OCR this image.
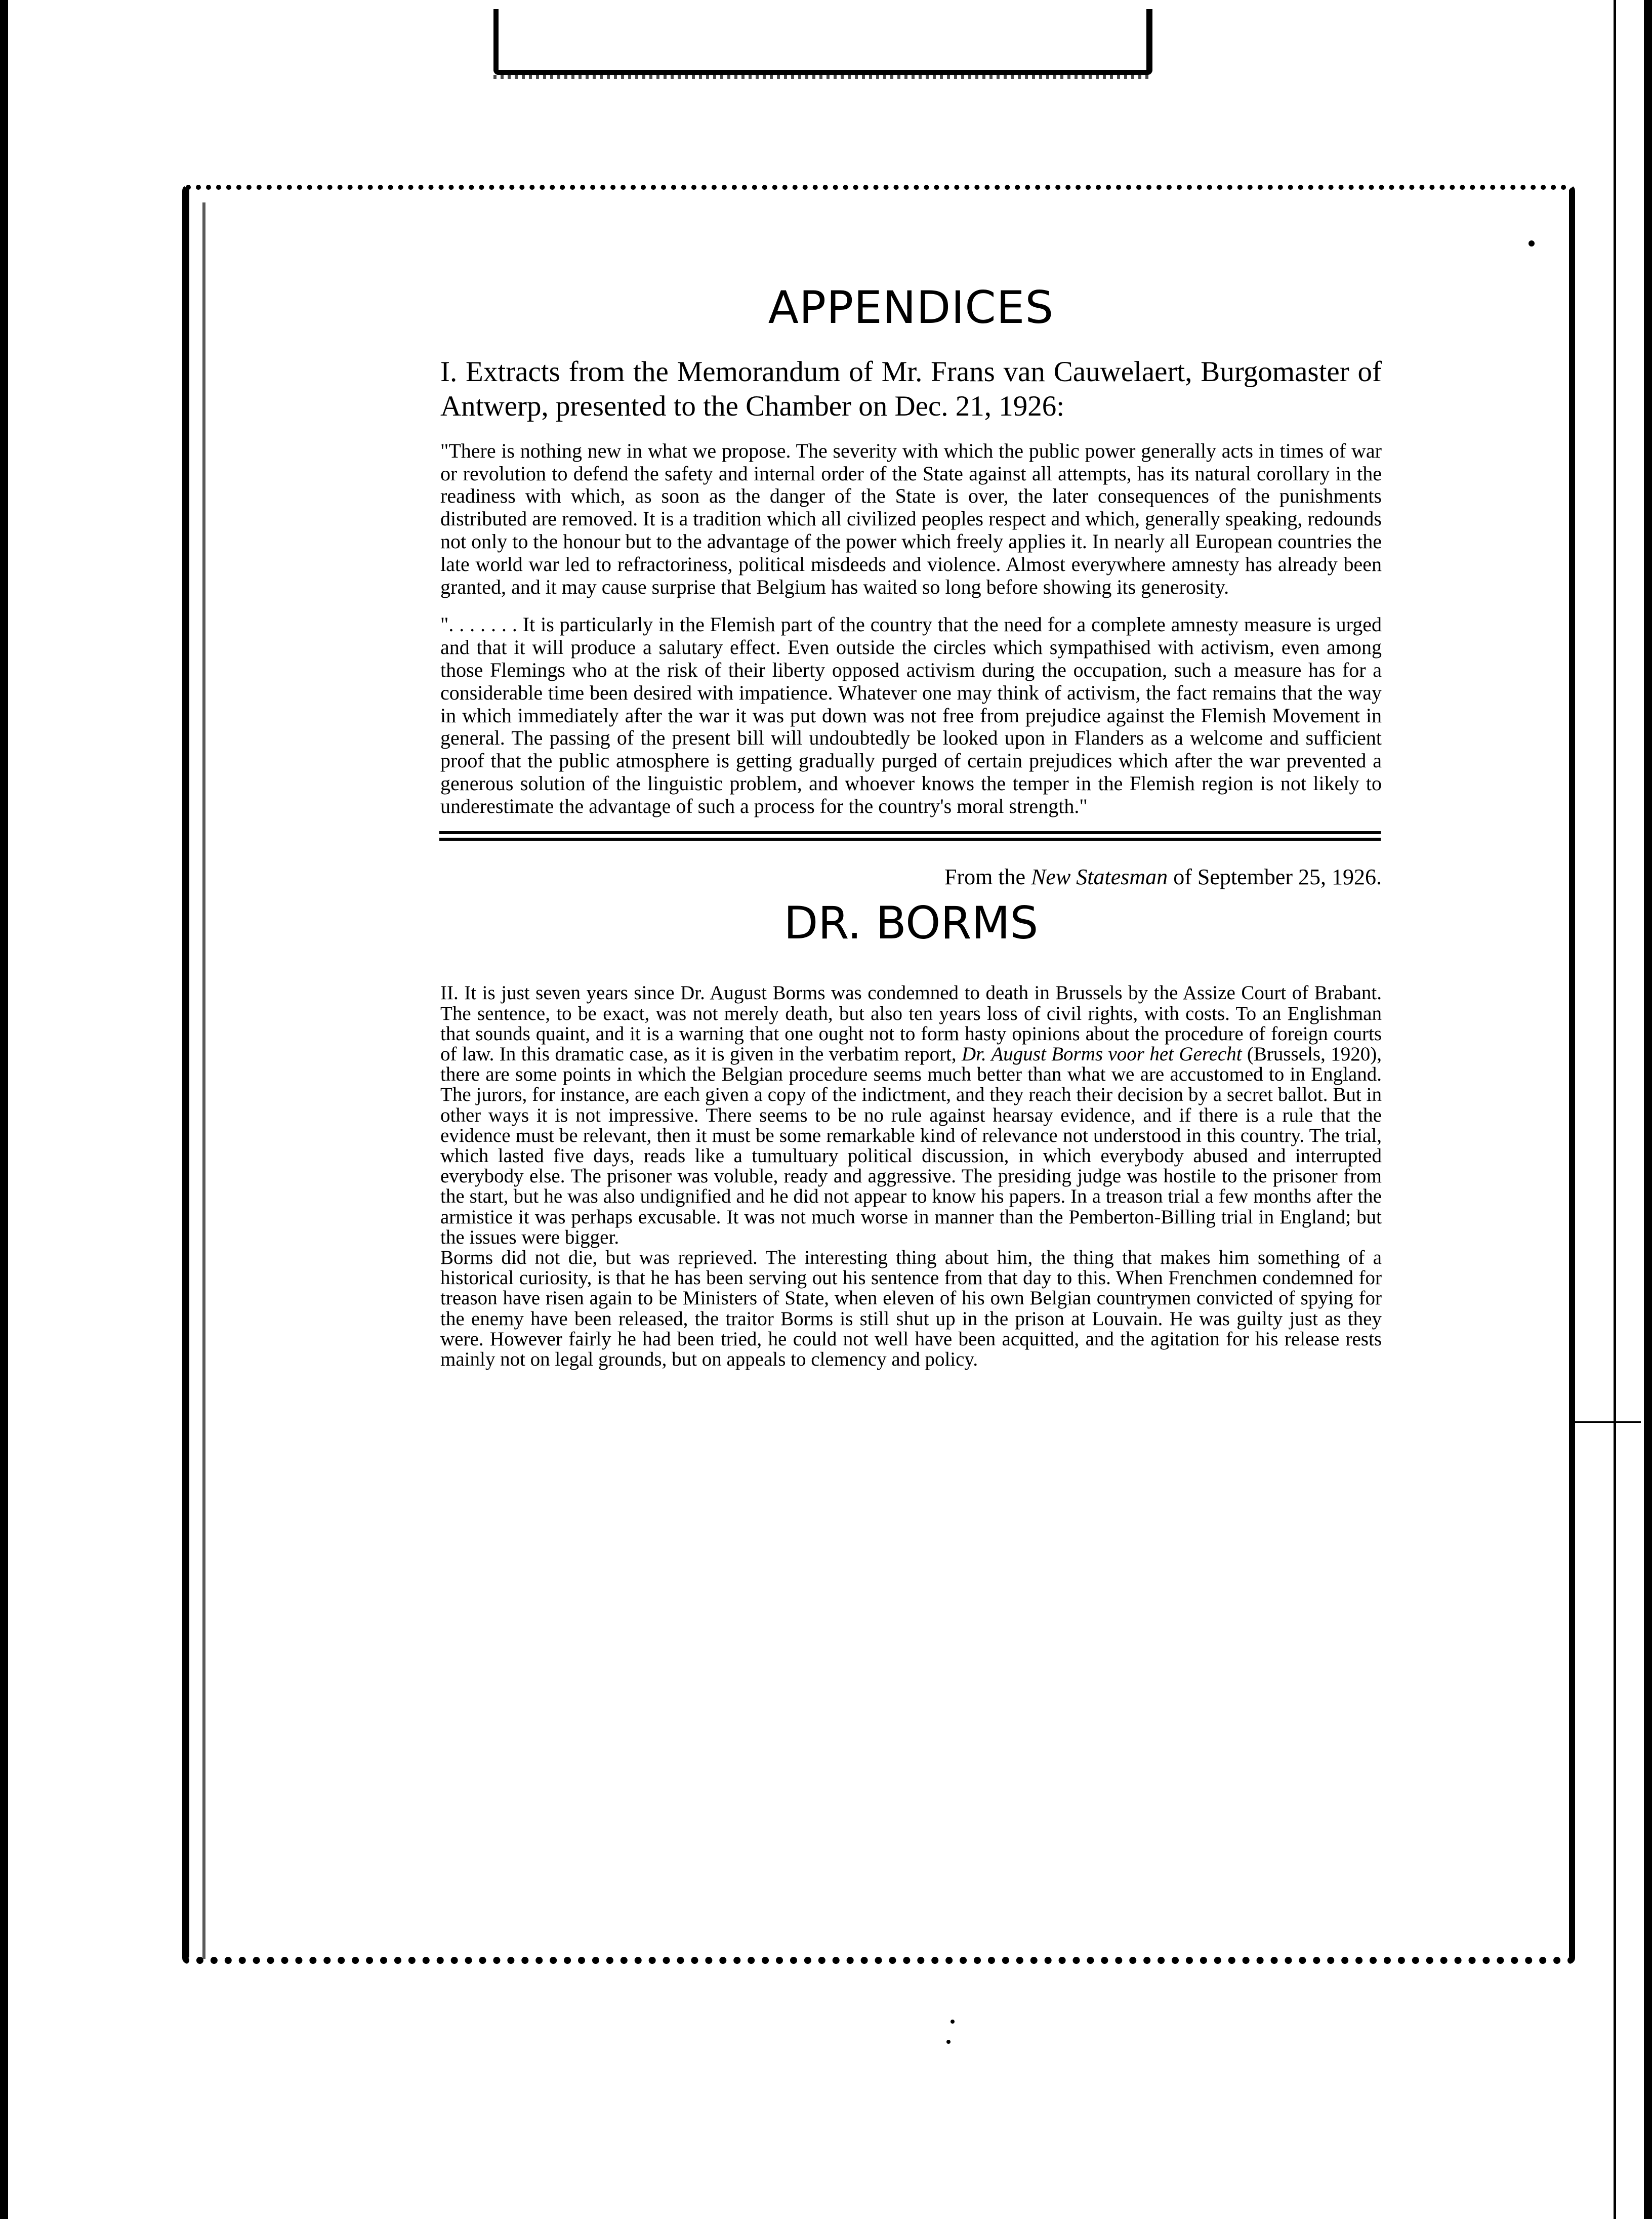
APPENDICES

I. Extracts from the Memorandum of Mr. Frans van Cauwelaert, Burgomaster of Antwerp, presented to the Chamber on Dec. 21, 1926:

"There is nothing new in what we propose. The severity with which the public power generally acts in times of war or revolution to defend the safety and internal order of the State against all attempts, has its natural corollary in the readiness with which, as soon as the danger of the State is over, the later consequences of the punishments distributed are removed. It is a tradition which all civilized peoples respect and which, generally speaking, redounds not only to the honour but to the advantage of the power which freely applies it. In nearly all European countries the late world war led to refractoriness, political misdeeds and violence. Almost everywhere amnesty has already been granted, and it may cause surprise that Belgium has waited so long before showing its generosity.

". . . . . . . It is particularly in the Flemish part of the country that the need for a complete amnesty measure is urged and that it will produce a salutary effect. Even outside the circles which sympathised with activism, even among those Flemings who at the risk of their liberty opposed activism during the occupation, such a measure has for a considerable time been desired with impatience. Whatever one may think of activism, the fact remains that the way in which immediately after the war it was put down was not free from prejudice against the Flemish Movement in general. The passing of the present bill will undoubtedly be looked upon in Flanders as a welcome and sufficient proof that the public atmosphere is getting gradually purged of certain prejudices which after the war prevented a generous solution of the linguistic problem, and whoever knows the temper in the Flemish region is not likely to underestimate the advantage of such a process for the country's moral strength."

From the New Statesman of September 25, 1926.

DR. BORMS

II. It is just seven years since Dr. August Borms was condemned to death in Brussels by the Assize Court of Brabant. The sentence, to be exact, was not merely death, but also ten years loss of civil rights, with costs. To an Englishman that sounds quaint, and it is a warning that one ought not to form hasty opinions about the procedure of foreign courts of law. In this dramatic case, as it is given in the verbatim report, Dr. August Borms voor het Gerecht (Brussels, 1920), there are some points in which the Belgian procedure seems much better than what we are accustomed to in England. The jurors, for instance, are each given a copy of the indictment, and they reach their decision by a secret ballot. But in other ways it is not impressive. There seems to be no rule against hearsay evidence, and if there is a rule that the evidence must be relevant, then it must be some remarkable kind of relevance not understood in this country. The trial, which lasted five days, reads like a tumultuary political discussion, in which everybody abused and interrupted everybody else. The prisoner was voluble, ready and aggressive. The presiding judge was hostile to the prisoner from the start, but he was also undignified and he did not appear to know his papers. In a treason trial a few months after the armistice it was perhaps excusable. It was not much worse in manner than the Pemberton-Billing trial in England; but the issues were bigger.

Borms did not die, but was reprieved. The interesting thing about him, the thing that makes him something of a historical curiosity, is that he has been serving out his sentence from that day to this. When Frenchmen condemned for treason have risen again to be Ministers of State, when eleven of his own Belgian countrymen convicted of spying for the enemy have been released, the traitor Borms is still shut up in the prison at Louvain. He was guilty just as they were. However fairly he had been tried, he could not well have been acquitted, and the agitation for his release rests mainly not on legal grounds, but on appeals to clemency and policy.
